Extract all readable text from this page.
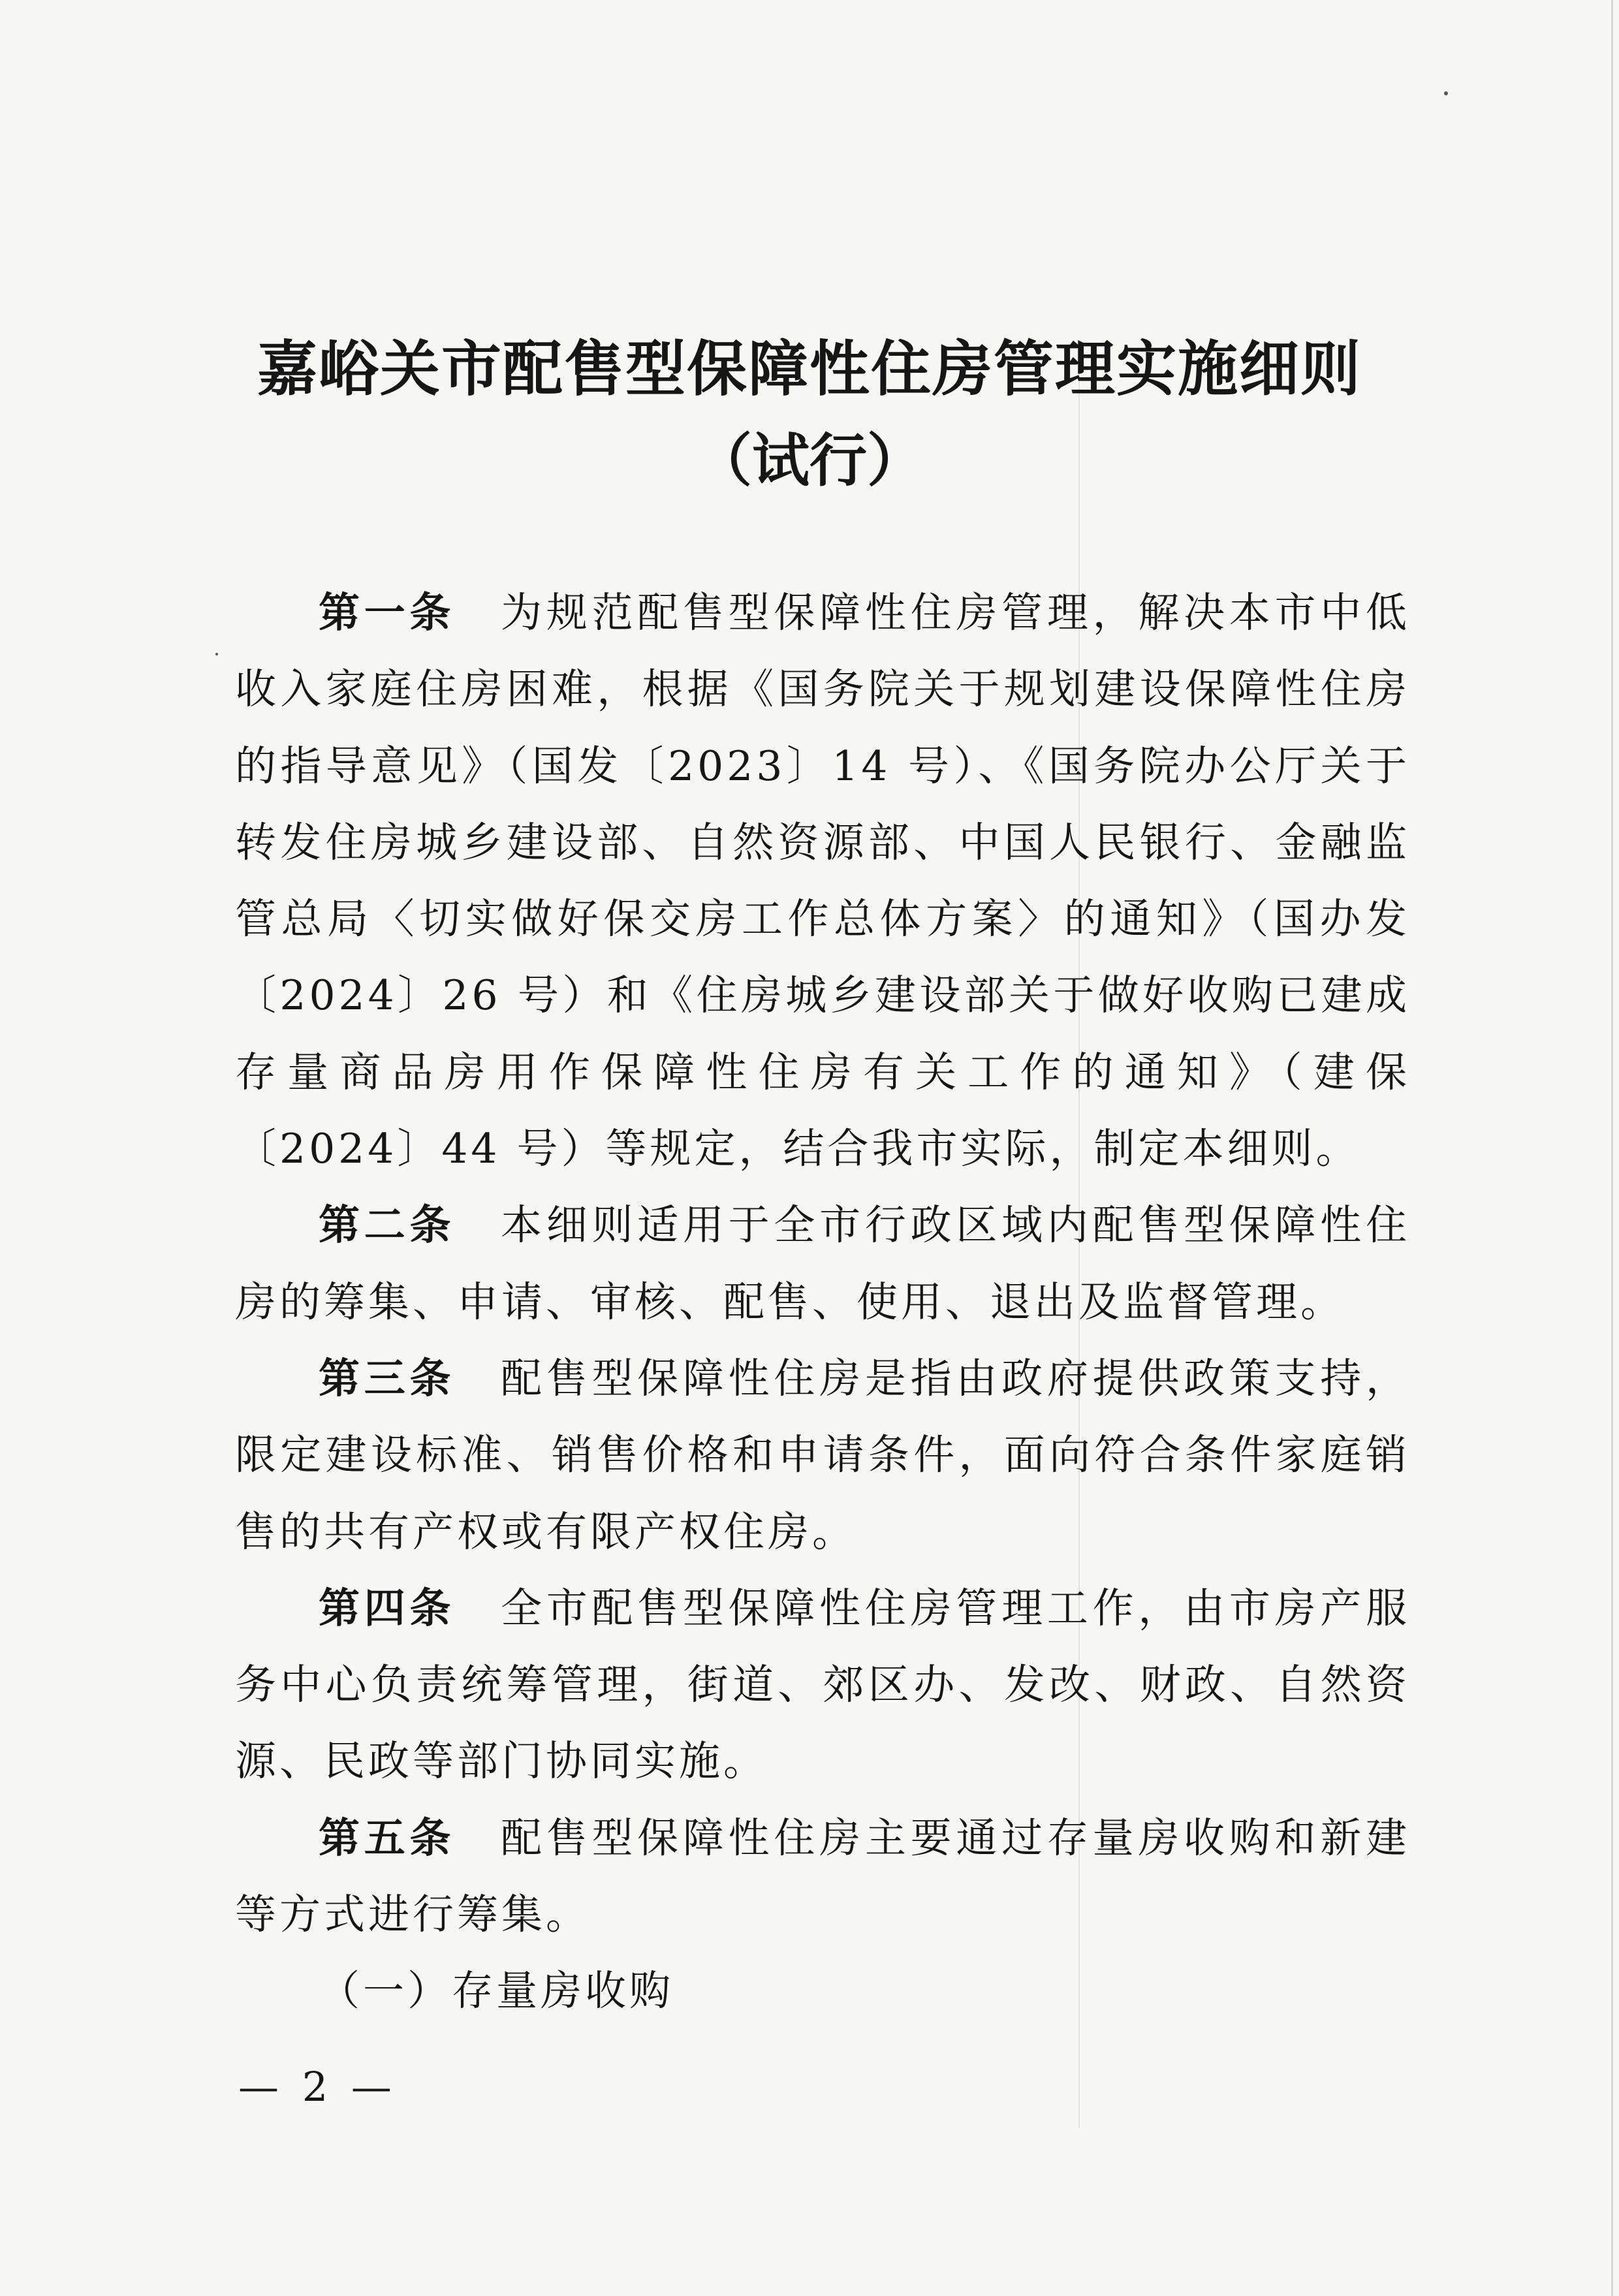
嘉峪关市配售型保障性住房管理实施细则
（试行）

第一条　 为规范配售型保障性住房管理，解决本市中低收入家庭住房困难，根据《国务院关于规划建设保障性住房的指导意见》（国发〔2023〕14 号）、《国务院办公厅关于转发住房城乡建设部、自然资源部、中国人民银行、金融监管总局〈切实做好保交房工作总体方案〉的通知》（国办发〔2024〕26 号）和《住房城乡建设部关于做好收购已建成存量商品房用作保障性住房有关工作的通知》（建保〔2024〕44 号）等规定，结合我市实际，制定本细则。

第二条　 本细则适用于全市行政区域内配售型保障性住房的筹集、申请、审核、配售、使用、退出及监督管理。

第三条　 配售型保障性住房是指由政府提供政策支持，限定建设标准、销售价格和申请条件，面向符合条件家庭销售的共有产权或有限产权住房。

第四条　 全市配售型保障性住房管理工作，由市房产服务中心负责统筹管理，街道、郊区办、发改、财政、自然资源、民政等部门协同实施。

第五条　 配售型保障性住房主要通过存量房收购和新建等方式进行筹集。

（一）存量房收购

— 2 —
